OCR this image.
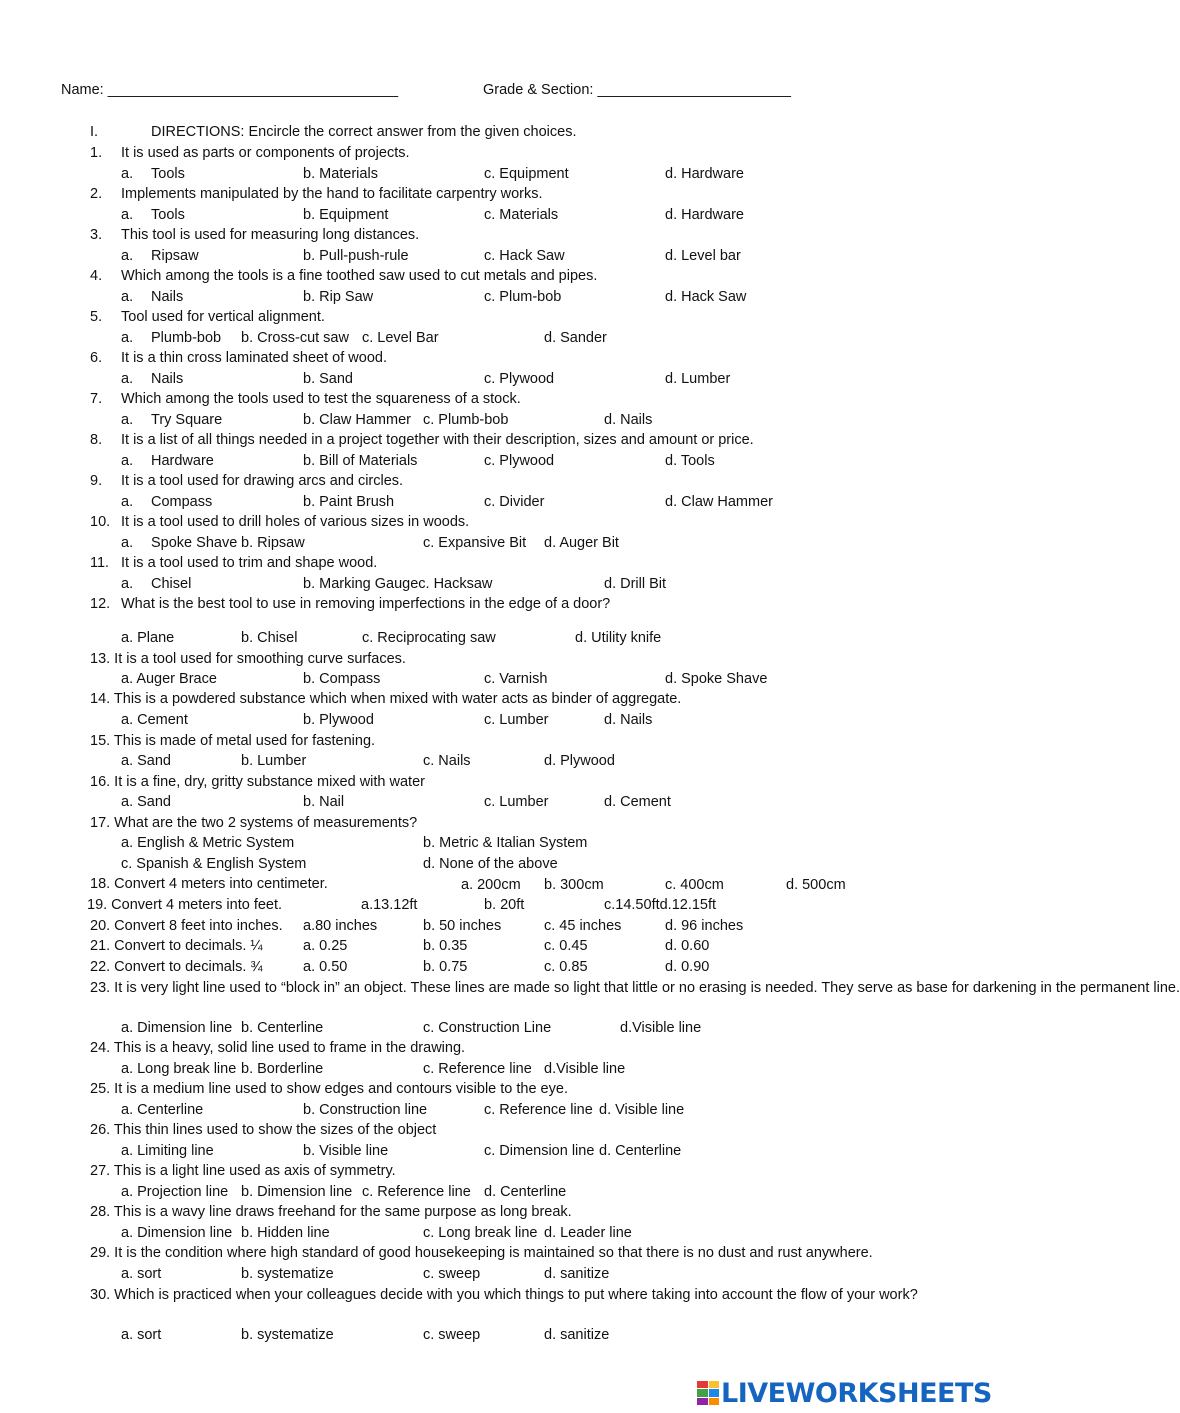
Name: ____________________________________	Grade & Section: ________________________
I.	DIRECTIONS: Encircle the correct answer from the given choices.
1. It is used as parts or components of projects.
a. Tools	b. Materials	c. Equipment	d. Hardware
2. Implements manipulated by the hand to facilitate carpentry works.
a. Tools	b. Equipment	c. Materials	d. Hardware
3. This tool is used for measuring long distances.
a. Ripsaw	b. Pull-push-rule	c. Hack Saw	d. Level bar
4. Which among the tools is a fine toothed saw used to cut metals and pipes.
a. Nails	b. Rip Saw	c. Plum-bob	d. Hack Saw
5. Tool used for vertical alignment.
a. Plumb-bob b. Cross-cut saw c. Level Bar	d. Sander
6. It is a thin cross laminated sheet of wood.
a. Nails	b. Sand	c. Plywood	d. Lumber
7. Which among the tools used to test the squareness of a stock.
a. Try Square	b. Claw Hammer c. Plumb-bob	d. Nails
8. It is a list of all things needed in a project together with their description, sizes and amount or price.
a. Hardware	b. Bill of Materials	c. Plywood	d. Tools
9. It is a tool used for drawing arcs and circles.
a. Compass	b. Paint Brush	c. Divider	d. Claw Hammer
10. It is a tool used to drill holes of various sizes in woods.
a. Spoke Shave b. Ripsaw	c. Expansive Bit d. Auger Bit
11. It is a tool used to trim and shape wood.
a. Chisel	b. Marking Gaugec. Hacksaw	d. Drill Bit
12. What is the best tool to use in removing imperfections in the edge of a door?
a. Plane	b. Chisel	c. Reciprocating saw	d. Utility knife
13. It is a tool used for smoothing curve surfaces.
a. Auger Brace	b. Compass	c. Varnish	d. Spoke Shave
14. This is a powdered substance which when mixed with water acts as binder of aggregate.
a. Cement	b. Plywood	c. Lumber	d. Nails
15. This is made of metal used for fastening.
a. Sand	b. Lumber	c. Nails	d. Plywood
16. It is a fine, dry, gritty substance mixed with water
a. Sand	b. Nail	c. Lumber	d. Cement
17. What are the two 2 systems of measurements?
a. English & Metric System	b. Metric & Italian System
c. Spanish & English System	d. None of the above
18. Convert 4 meters into centimeter.	a. 200cm b. 300cm	c. 400cm	d. 500cm
19. Convert 4 meters into feet.	a.13.12ft	b. 20ft	c.14.50ftd.12.15ft
20. Convert 8 feet into inches. a.80 inches	b. 50 inches	c. 45 inches	d. 96 inches
21. Convert to decimals. ¼	a. 0.25	b. 0.35	c. 0.45	d. 0.60
22. Convert to decimals. ¾	a. 0.50	b. 0.75	c. 0.85	d. 0.90
23. It is very light line used to “block in” an object. These lines are made so light that little or no erasing is needed. They serve as base for darkening in the permanent line.
a. Dimension line b. Centerline	c. Construction Line	d.Visible line
24. This is a heavy, solid line used to frame in the drawing.
a. Long break line b. Borderline	c. Reference line d.Visible line
25. It is a medium line used to show edges and contours visible to the eye.
a. Centerline	b. Construction line	c. Reference line d. Visible line
26. This thin lines used to show the sizes of the object
a. Limiting line	b. Visible line	c. Dimension line d. Centerline
27. This is a light line used as axis of symmetry.
a. Projection line b. Dimension line c. Reference line d. Centerline
28. This is a wavy line draws freehand for the same purpose as long break.
a. Dimension line b. Hidden line	c. Long break line d. Leader line
29. It is the condition where high standard of good housekeeping is maintained so that there is no dust and rust anywhere.
a. sort	b. systematize	c. sweep	d. sanitize
30. Which is practiced when your colleagues decide with you which things to put where taking into account the flow of your work?
a. sort	b. systematize	c. sweep	d. sanitize
LIVEWORKSHEETS
